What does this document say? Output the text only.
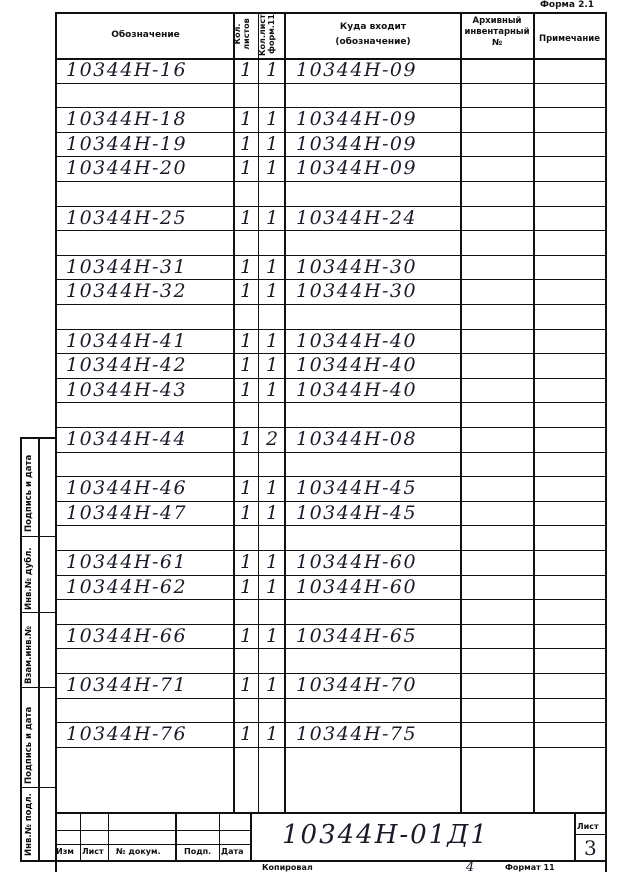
Форма 2.1
Обозначение	Кол. листов Кол.лист. форм.11	Куда входит
(обозначение)
Архивный
инвентарный
№	Примечание
10344Н-16	1 1 10344Н-09
10344Н-18	1 1 10344Н-09
10344Н-19	1 1 10344Н-09
10344Н-20	1 1 10344Н-09
10344Н-25	1 1 10344Н-24
10344Н-31	1 1 10344Н-30
10344Н-32	1 1 10344Н-30
10344Н-41	1 1 10344Н-40
10344Н-42	1 1 10344Н-40
10344Н-43	1 1 10344Н-40
10344Н-44	1 2 10344Н-08
10344Н-46	1 1 10344Н-45
10344Н-47	1 1 10344Н-45
10344Н-61	1 1 10344Н-60
10344Н-62	1 1 10344Н-60
10344Н-66	1 1 10344Н-65
10344Н-71	1 1 10344Н-70
10344Н-76	1 1 10344Н-75
Подпись и дата
Инв.№ дубл.
Взам.инв.№
Подпись и дата
Инв.№ подл.	Изм Лист № докум.	Подп. Дата
10344Н-01Д1	Лист
3
Копировал	4	Формат 11
